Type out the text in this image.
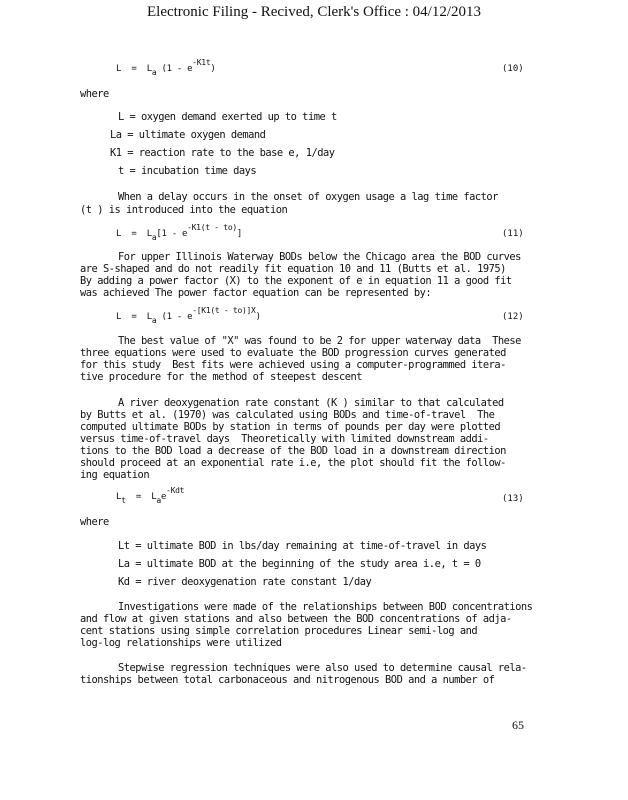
Electronic Filing - Recived, Clerk's Office : 04/12/2013
L = La (1 - e-K1t)	(10)
where
L = oxygen demand exerted up to time t
La = ultimate oxygen demand
K1 = reaction rate to the base e, 1/day
t = incubation time days
When a delay occurs in the onset of oxygen usage a lag time factor
(t ) is introduced into the equation
L = La[1 - e-K1(t - to)]	(11)
For upper Illinois Waterway BODs below the Chicago area the BOD curves
are S-shaped and do not readily fit equation 10 and 11 (Butts et al. 1975)
By adding a power factor (X) to the exponent of e in equation 11 a good fit
was achieved The power factor equation can be represented by:
L = La (1 - e-[K1(t - to)]X)	(12)
The best value of "X" was found to be 2 for upper waterway data  These
three equations were used to evaluate the BOD progression curves generated
for this study  Best fits were achieved using a computer-programmed itera-
tive procedure for the method of steepest descent
A river deoxygenation rate constant (K ) similar to that calculated
by Butts et al. (1970) was calculated using BODs and time-of-travel  The
computed ultimate BODs by station in terms of pounds per day were plotted
versus time-of-travel days  Theoretically with limited downstream addi-
tions to the BOD load a decrease of the BOD load in a downstream direction
should proceed at an exponential rate i.e, the plot should fit the follow-
ing equation
Lt = Lae-Kdt
(13)
where
Lt = ultimate BOD in lbs/day remaining at time-of-travel in days
La = ultimate BOD at the beginning of the study area i.e, t = 0
Kd = river deoxygenation rate constant 1/day
Investigations were made of the relationships between BOD concentrations
and flow at given stations and also between the BOD concentrations of adja-
cent stations using simple correlation procedures Linear semi-log and
log-log relationships were utilized
Stepwise regression techniques were also used to determine causal rela-
tionships between total carbonaceous and nitrogenous BOD and a number of
65
